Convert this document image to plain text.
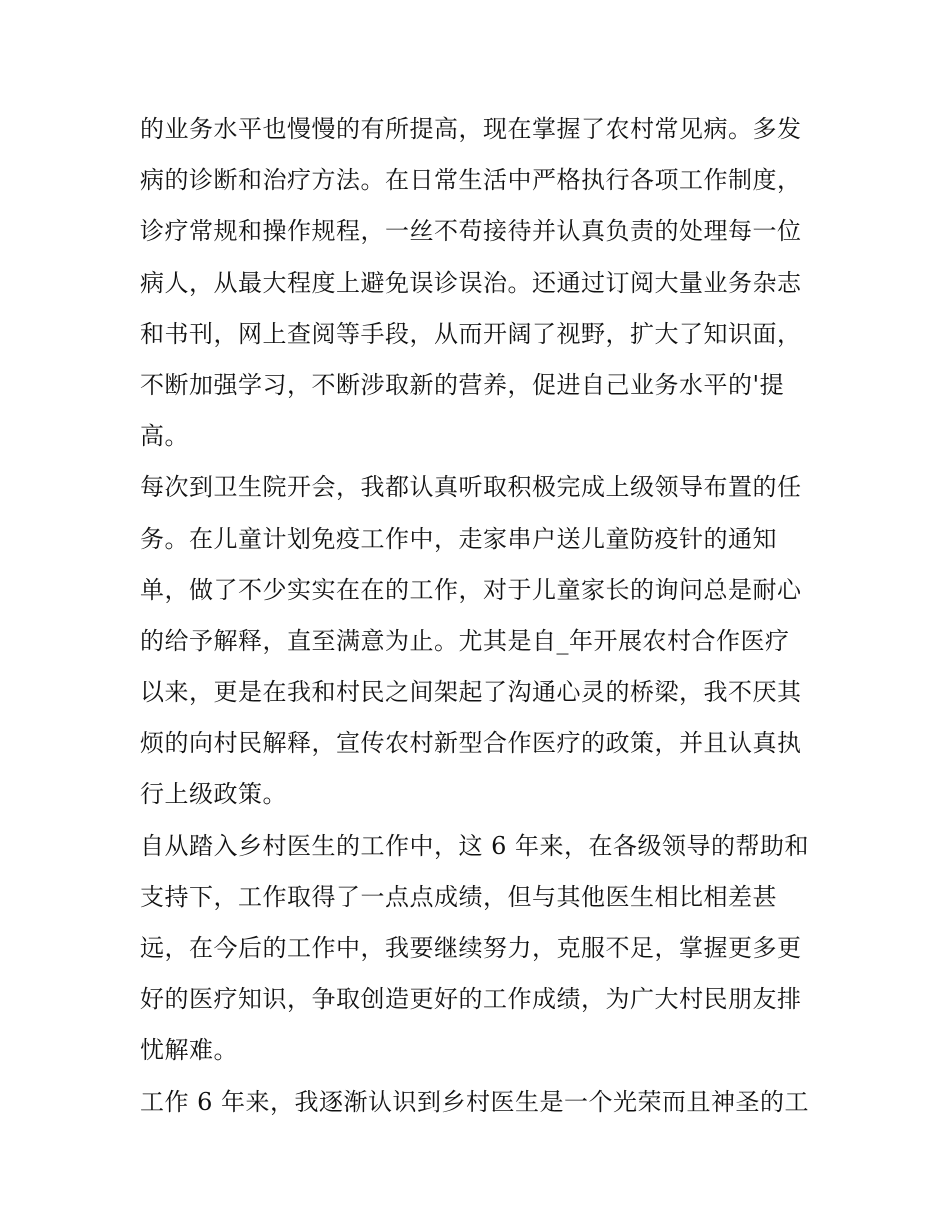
的业务水平也慢慢的有所提高，现在掌握了农村常见病。多发
病的诊断和治疗方法。在日常生活中严格执行各项工作制度，
诊疗常规和操作规程，一丝不苟接待并认真负责的处理每一位
病人，从最大程度上避免误诊误治。还通过订阅大量业务杂志
和书刊，网上查阅等手段，从而开阔了视野，扩大了知识面，
不断加强学习，不断涉取新的营养，促进自己业务水平的'提
高。
每次到卫生院开会，我都认真听取积极完成上级领导布置的任
务。在儿童计划免疫工作中，走家串户送儿童防疫针的通知
单，做了不少实实在在的工作，对于儿童家长的询问总是耐心
的给予解释，直至满意为止。尤其是自_年开展农村合作医疗
以来，更是在我和村民之间架起了沟通心灵的桥梁，我不厌其
烦的向村民解释，宣传农村新型合作医疗的政策，并且认真执
行上级政策。
自从踏入乡村医生的工作中，这 6 年来，在各级领导的帮助和
支持下，工作取得了一点点成绩，但与其他医生相比相差甚
远，在今后的工作中，我要继续努力，克服不足，掌握更多更
好的医疗知识，争取创造更好的工作成绩，为广大村民朋友排
忧解难。
工作 6 年来，我逐渐认识到乡村医生是一个光荣而且神圣的工
